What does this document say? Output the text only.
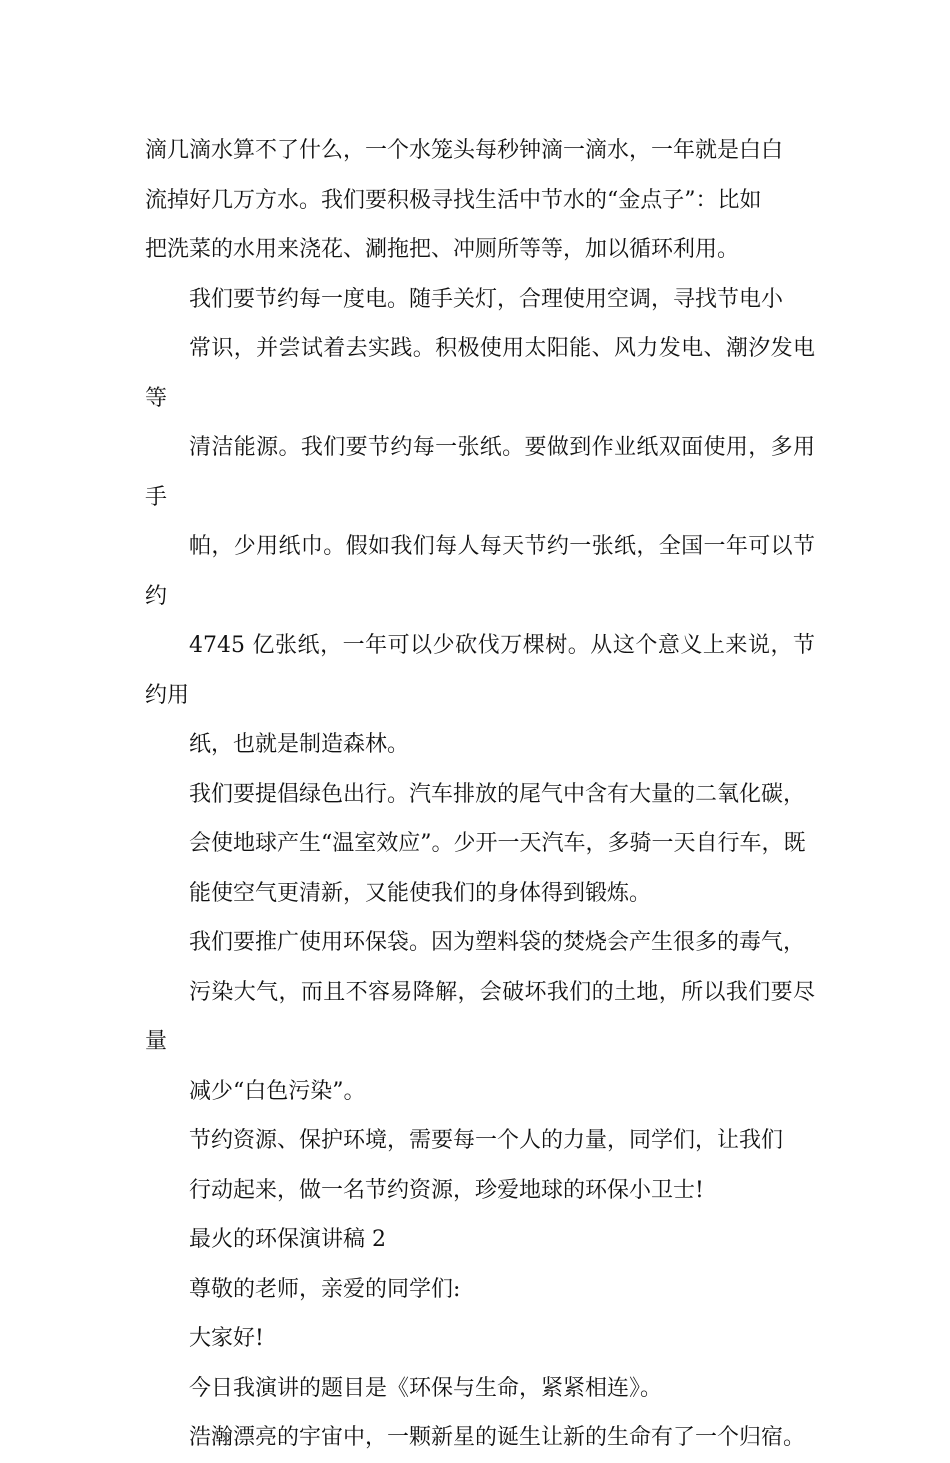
滴几滴水算不了什么，一个水笼头每秒钟滴一滴水，一年就是白白
流掉好几万方水。我们要积极寻找生活中节水的“金点子”：比如
把洗菜的水用来浇花、涮拖把、冲厕所等等，加以循环利用。

我们要节约每一度电。随手关灯，合理使用空调，寻找节电小
常识，并尝试着去实践。积极使用太阳能、风力发电、潮汐发电等
清洁能源。我们要节约每一张纸。要做到作业纸双面使用，多用手
帕，少用纸巾。假如我们每人每天节约一张纸，全国一年可以节约
4745 亿张纸，一年可以少砍伐万棵树。从这个意义上来说，节约用
纸，也就是制造森林。

我们要提倡绿色出行。汽车排放的尾气中含有大量的二氧化碳，
会使地球产生“温室效应”。少开一天汽车，多骑一天自行车，既
能使空气更清新，又能使我们的身体得到锻炼。

我们要推广使用环保袋。因为塑料袋的焚烧会产生很多的毒气，
污染大气，而且不容易降解，会破坏我们的土地，所以我们要尽量
减少“白色污染”。

节约资源、保护环境，需要每一个人的力量，同学们，让我们
行动起来，做一名节约资源，珍爱地球的环保小卫士!

最火的环保演讲稿 2

尊敬的老师，亲爱的同学们:

大家好!

今日我演讲的题目是《环保与生命，紧紧相连》。

浩瀚漂亮的宇宙中，一颗新星的诞生让新的生命有了一个归宿。
